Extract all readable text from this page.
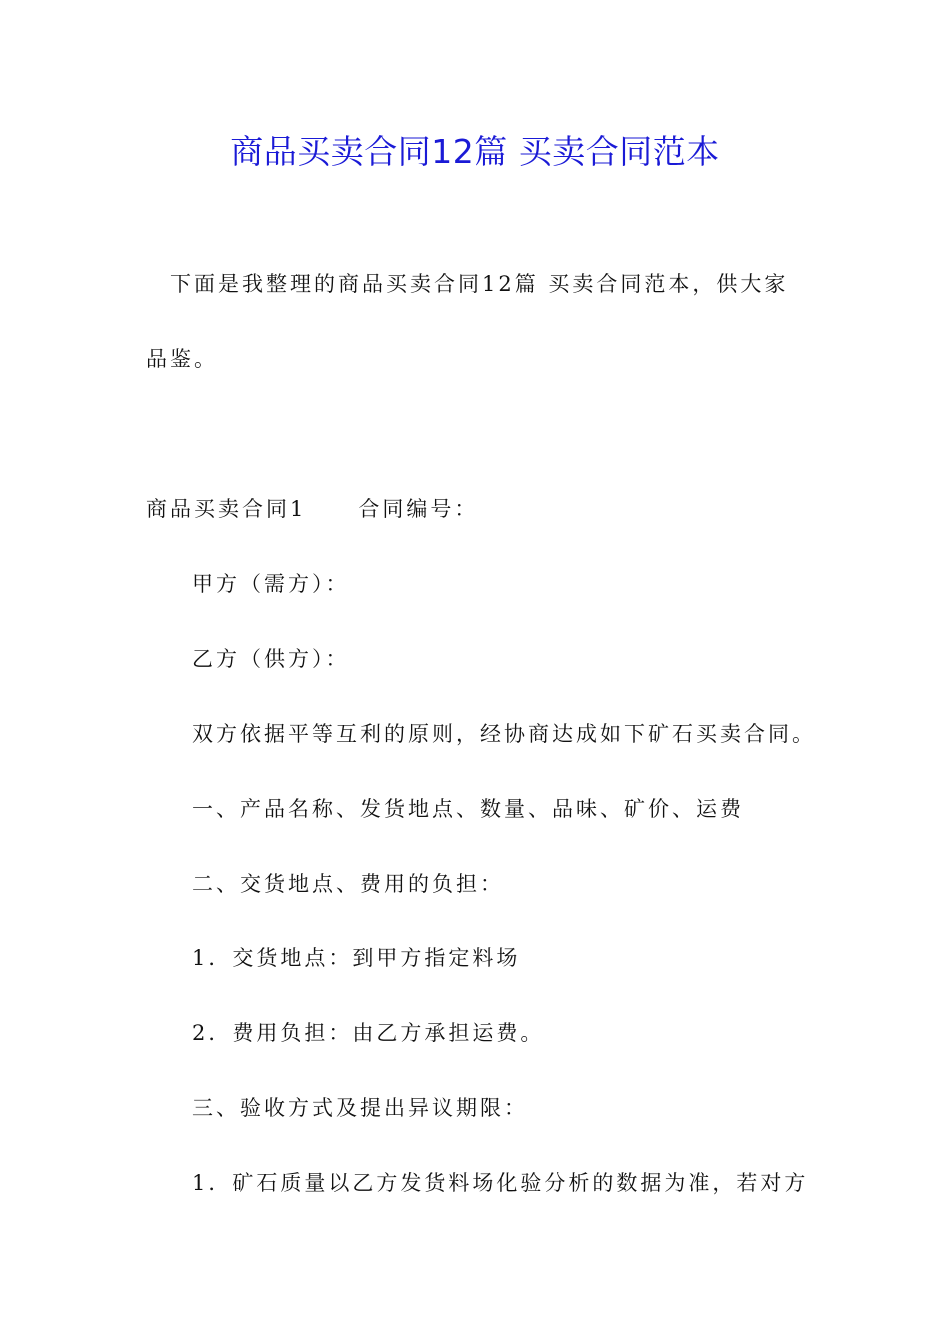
商品买卖合同12篇 买卖合同范本
下面是我整理的商品买卖合同12篇 买卖合同范本，供大家
品鉴。
商品买卖合同1 合同编号：
甲方（需方）：
乙方（供方）：
双方依据平等互利的原则，经协商达成如下矿石买卖合同。
一、产品名称、发货地点、数量、品味、矿价、运费
二、交货地点、费用的负担：
1．交货地点：到甲方指定料场
2．费用负担：由乙方承担运费。
三、验收方式及提出异议期限：
1．矿石质量以乙方发货料场化验分析的数据为准，若对方
